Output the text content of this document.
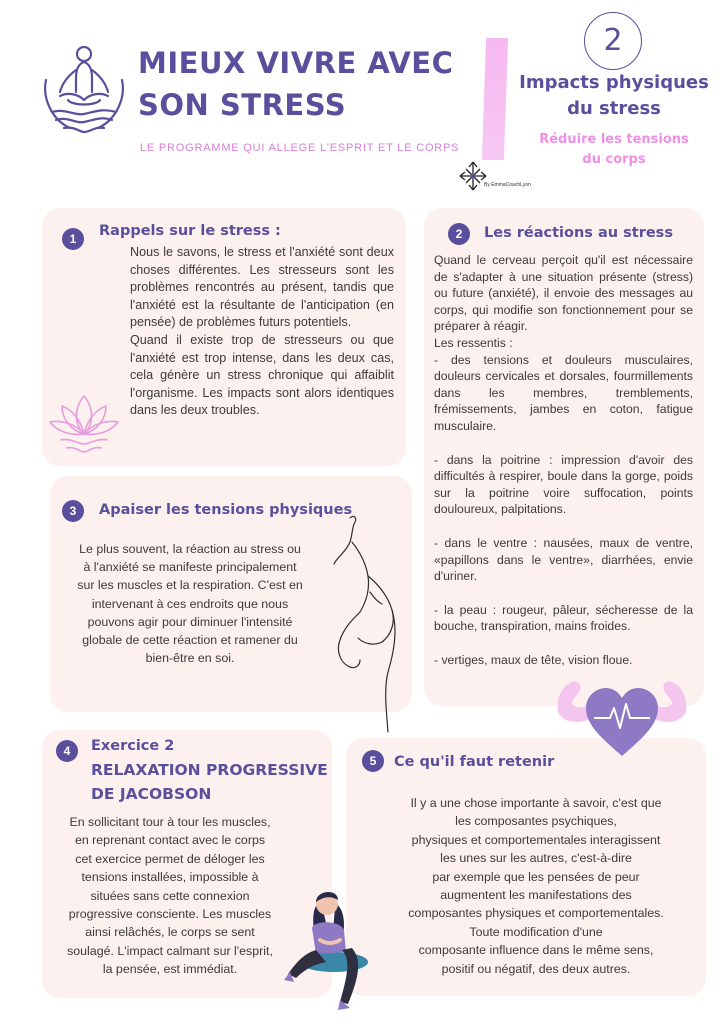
MIEUX VIVRE AVEC
SON STRESS
LE PROGRAMME QUI ALLEGE L'ESPRIT ET LE CORPS
2
Impacts physiques
du stress
Réduire les tensions
du corps
By EmmaCoachLyon
1	Rappels sur le stress :
Nous le savons, le stress et l'anxiété sont deux choses différentes. Les stresseurs sont les problèmes rencontrés au présent, tandis que l'anxiété est la résultante de l'anticipation (en pensée) de problèmes futurs potentiels.
Quand il existe trop de stresseurs ou que l'anxiété est trop intense, dans les deux cas, cela génère un stress chronique qui affaiblit l'organisme. Les impacts sont alors identiques dans les deux troubles.
2	Les réactions au stress
Quand le cerveau perçoit qu'il est nécessaire de s'adapter à une situation présente (stress) ou future (anxiété), il envoie des messages au corps, qui modifie son fonctionnement pour se préparer à réagir.
Les ressentis :
- des tensions et douleurs musculaires, douleurs cervicales et dorsales, fourmillements dans les membres, tremblements, frémissements, jambes en coton, fatigue musculaire.
- dans la poitrine : impression d'avoir des difficultés à respirer, boule dans la gorge, poids sur la poitrine voire suffocation, points douloureux, palpitations.
- dans le ventre : nausées, maux de ventre, «papillons dans le ventre», diarrhées, envie d'uriner.
- la peau : rougeur, pâleur, sécheresse de la bouche, transpiration, mains froides.
- vertiges, maux de tête, vision floue.
3	Apaiser les tensions physiques
Le plus souvent, la réaction au stress ou
à l'anxiété se manifeste principalement
sur les muscles et la respiration. C'est en
intervenant à ces endroits que nous
pouvons agir pour diminuer l'intensité
globale de cette réaction et ramener du
bien-être en soi.
4	Exercice 2
RELAXATION PROGRESSIVE
DE JACOBSON
En sollicitant tour à tour les muscles,
en reprenant contact avec le corps
cet exercice permet de déloger les
tensions installées, impossible à
situées sans cette connexion
progressive consciente. Les muscles
ainsi relâchés, le corps se sent
soulagé. L'impact calmant sur l'esprit,
la pensée, est immédiat.
5	Ce qu'il faut retenir
Il y a une chose importante à savoir, c'est que
les composantes psychiques,
physiques et comportementales interagissent
les unes sur les autres, c'est-à-dire
par exemple que les pensées de peur
augmentent les manifestations des
composantes physiques et comportementales.
Toute modification d'une
composante influence dans le même sens,
positif ou négatif, des deux autres.
